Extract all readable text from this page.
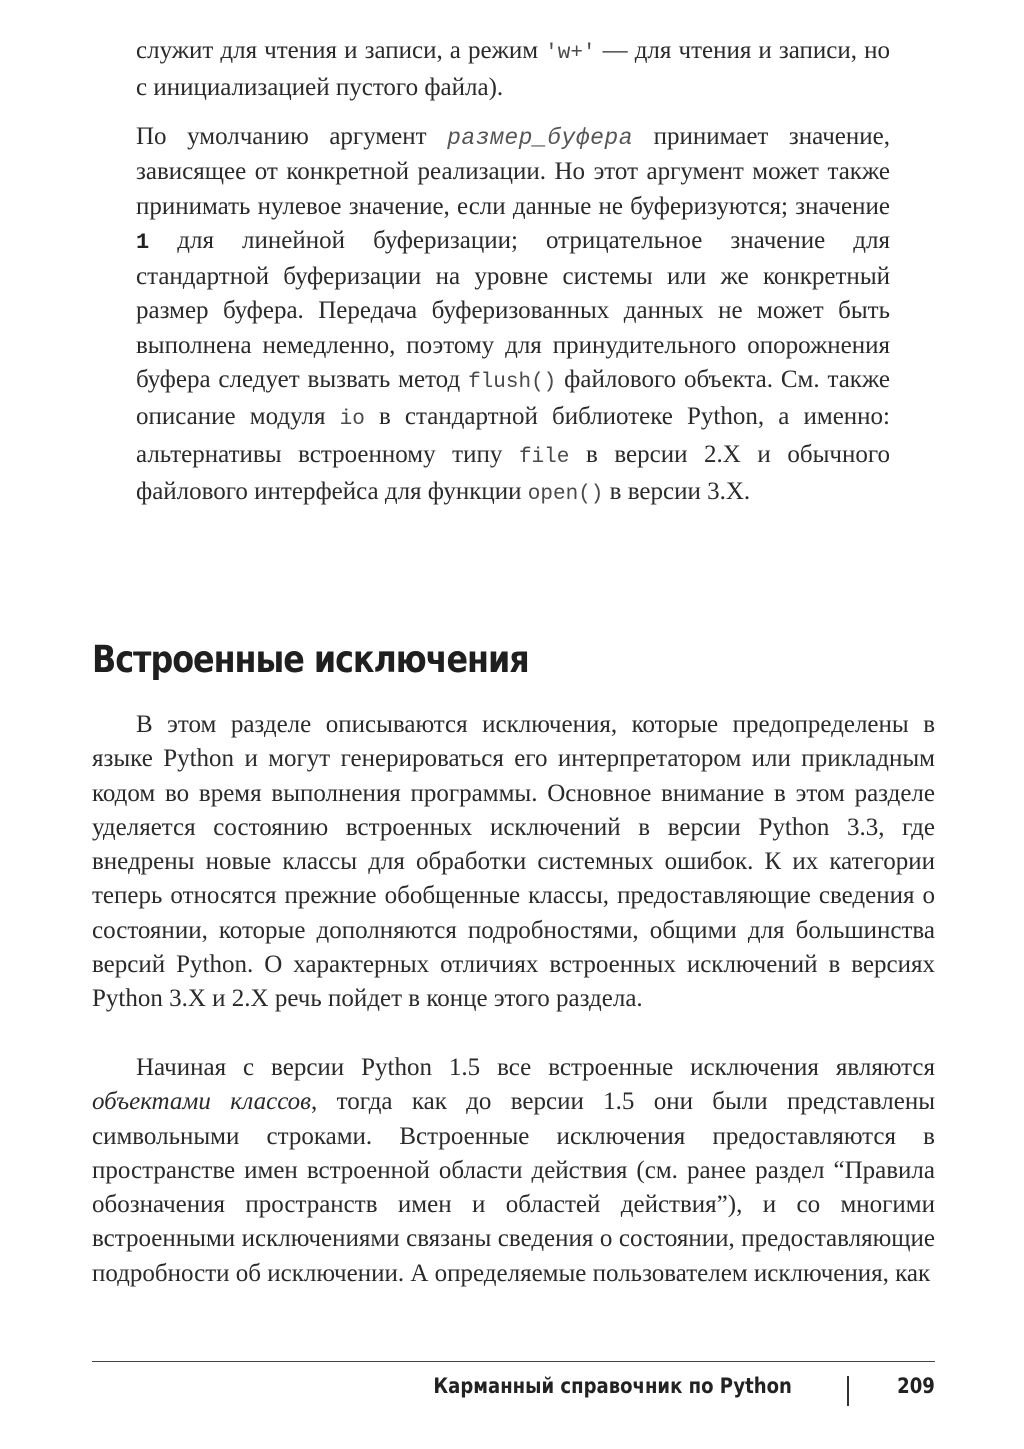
служит для чтения и записи, а режим 'w+' — для чтения и записи, но с инициализацией пустого файла).

По умолчанию аргумент размер_буфера принимает значение, зависящее от конкретной реализации. Но этот аргумент может также принимать нулевое значение, если данные не буферизуются; значение 1 для линейной буферизации; отрицательное значение для стандартной буферизации на уровне системы или же конкретный размер буфера. Передача буферизованных данных не может быть выполнена немедленно, поэтому для принудительного опорожнения буфера следует вызвать метод flush() файлового объекта. См. также описание модуля io в стандартной библиотеке Python, а именно: альтернативы встроенному типу file в версии 2.X и обычного файлового интерфейса для функции open() в версии 3.X.

Встроенные исключения

В этом разделе описываются исключения, которые предопределены в языке Python и могут генерироваться его интерпретатором или прикладным кодом во время выполнения программы. Основное внимание в этом разделе уделяется состоянию встроенных исключений в версии Python 3.3, где внедрены новые классы для обработки системных ошибок. К их категории теперь относятся прежние обобщенные классы, предоставляющие сведения о состоянии, которые дополняются подробностями, общими для большинства версий Python. О характерных отличиях встроенных исключений в версиях Python 3.X и 2.X речь пойдет в конце этого раздела.

Начиная с версии Python 1.5 все встроенные исключения являются объектами классов, тогда как до версии 1.5 они были представлены символьными строками. Встроенные исключения предоставляются в пространстве имен встроенной области действия (см. ранее раздел “Правила обозначения пространств имен и областей действия”), и со многими встроенными исключениями связаны сведения о состоянии, предоставляющие подробности об исключении. А определяемые пользователем исключения, как

Карманный справочник по Python	209
